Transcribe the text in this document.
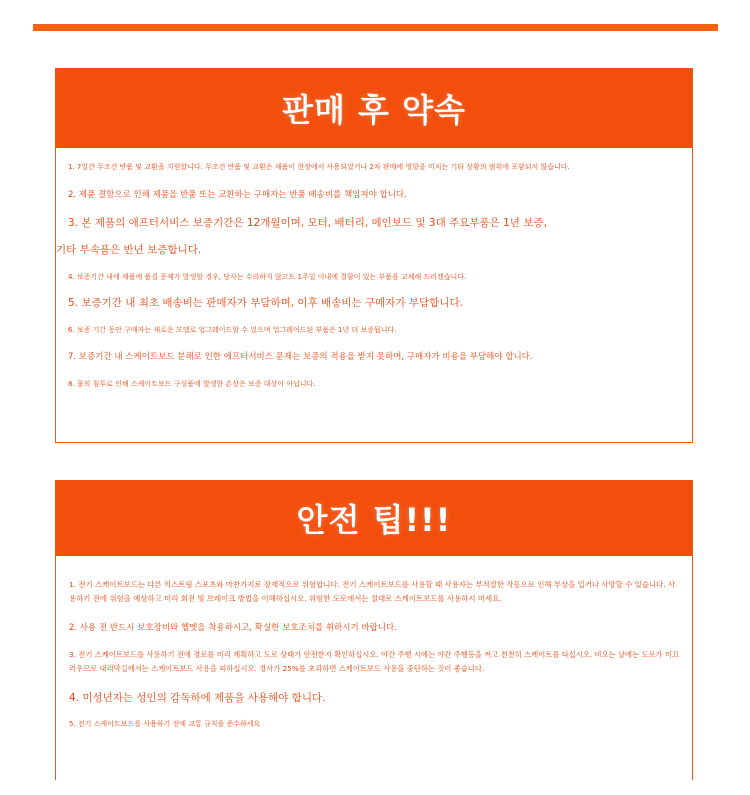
판매 후 약속

1. 7일간 무조건 반품 및 교환을 지원합니다. 무조건 반품 및 교환은 제품이 현장에서 사용되었거나 2차 판매에 영향을 미치는 기타 상황의 범위에 포함되지 않습니다.

2. 제품 결함으로 인해 제품을 반품 또는 교환하는 구매자는 반품 배송비를 책임져야 합니다.

3. 본 제품의 애프터서비스 보증기간은 12개월이며, 모터, 배터리, 메인보드 및 3대 주요부품은 1년 보증,

기타 부속품은 반년 보증합니다.

4. 보증기간 내에 제품에 품질 문제가 발생할 경우, 당사는 수리하지 않고도 1주일 이내에 결함이 있는 부품을 교체해 드리겠습니다.

5. 보증기간 내 최초 배송비는 판매자가 부담하며, 이후 배송비는 구매자가 부담합니다.

6. 보증 기간 동안 구매자는 새로운 모델로 업그레이드할 수 있으며 업그레이드된 부품은 1년 더 보증됩니다.

7. 보증기간 내 스케이트보드 분해로 인한 애프터서비스 문제는 보증의 적용을 받지 못하며, 구매자가 비용을 부담해야 합니다.

8. 물의 침투로 인해 스케이트보드 구성품에 발생한 손상은 보증 대상이 아닙니다.

안전 팁!!!

1. 전기 스케이트보드는 다른 익스트림 스포츠와 마찬가지로 잠재적으로 위험합니다. 전기 스케이트보드를 사용할 때 사용자는 부적절한 작동으로 인해 부상을 입거나 사망할 수 있습니다. 사용하기 전에 위험을 예상하고 미리 회전 및 브레이크 방법을 이해하십시오. 위험한 도로에서는 절대로 스케이트보드를 사용하지 마세요.

2. 사용 전 반드시 보호장비와 헬멧을 착용하시고, 확실한 보호조치를 취하시기 바랍니다.

3. 전기 스케이트보드를 사용하기 전에 경로를 미리 계획하고 도로 상태가 안전한지 확인하십시오. 야간 주행 시에는 야간 주행등을 켜고 천천히 스케이트를 타십시오. 비오는 날에는 도로가 미끄러우므로 내리막길에서는 스케이트보드 사용을 피하십시오. 경사가 25%를 초과하면 스케이트보드 사용을 중단하는 것이 좋습니다.

4. 미성년자는 성인의 감독하에 제품을 사용해야 합니다.

5. 전기 스케이트보드를 사용하기 전에 교통 규칙을 준수하세요
